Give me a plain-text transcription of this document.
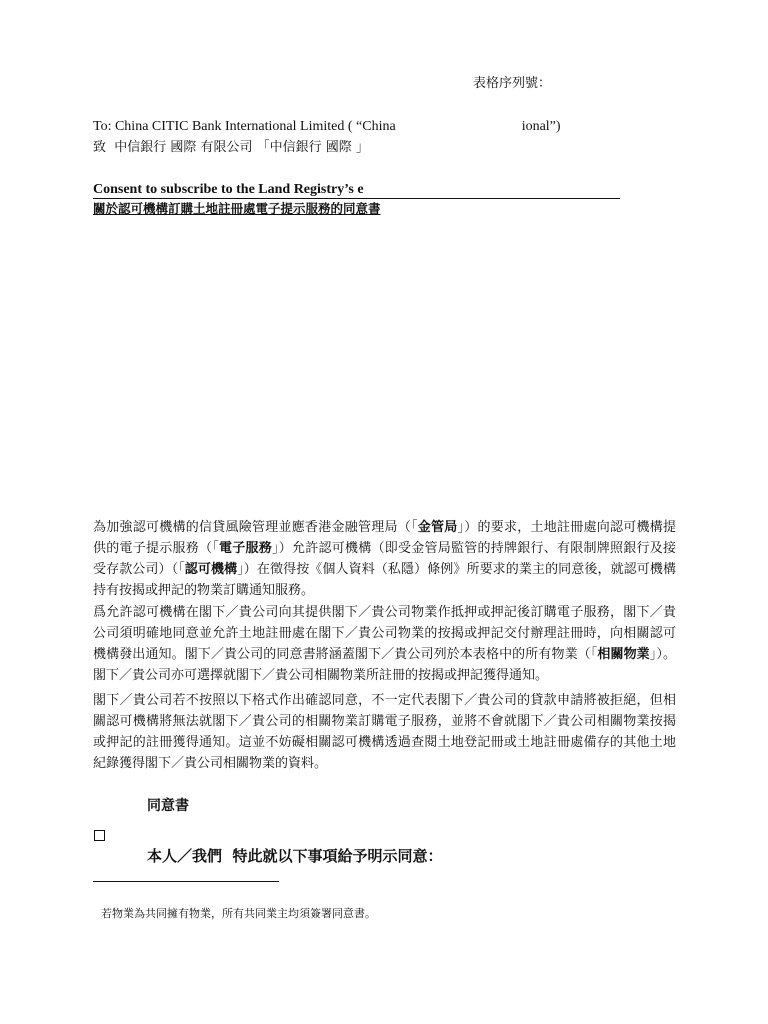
表格序列號：
To: China CITIC Bank International Limited ( “China	ional”)
致  中信銀行 國際 有限公司 「中信銀行 國際 」
Consent to subscribe to the Land Registry’s e
關於認可機構訂購土地註冊處電子提示服務的同意書
為加強認可機構的信貸風險管理並應香港金融管理局（「金管局」）的要求，土地註冊處向認可機構提供的電子提示服務（「電子服務」）允許認可機構（即受金管局監管的持牌銀行、有限制牌照銀行及接受存款公司）（「認可機構」）在徵得按《個人資料（私隱）條例》所要求的業主的同意後，就認可機構持有按揭或押記的物業訂購通知服務。
爲允許認可機構在閣下／貴公司向其提供閣下／貴公司物業作抵押或押記後訂購電子服務，閣下／貴公司須明確地同意並允許土地註冊處在閣下／貴公司物業的按揭或押記交付辦理註冊時，向相關認可機構發出通知。閣下／貴公司的同意書將涵蓋閣下／貴公司列於本表格中的所有物業（「相關物業」）。閣下／貴公司亦可選擇就閣下／貴公司相關物業所註冊的按揭或押記獲得通知。
閣下／貴公司若不按照以下格式作出確認同意，不一定代表閣下／貴公司的貸款申請將被拒絕，但相關認可機構將無法就閣下／貴公司的相關物業訂購電子服務，並將不會就閣下／貴公司相關物業按揭或押記的註冊獲得通知。這並不妨礙相關認可機構透過查閱土地登記冊或土地註冊處備存的其他土地紀錄獲得閣下／貴公司相關物業的資料。
同意書
本人／我們  特此就以下事項給予明示同意：
若物業為共同擁有物業，所有共同業主均須簽署同意書。
